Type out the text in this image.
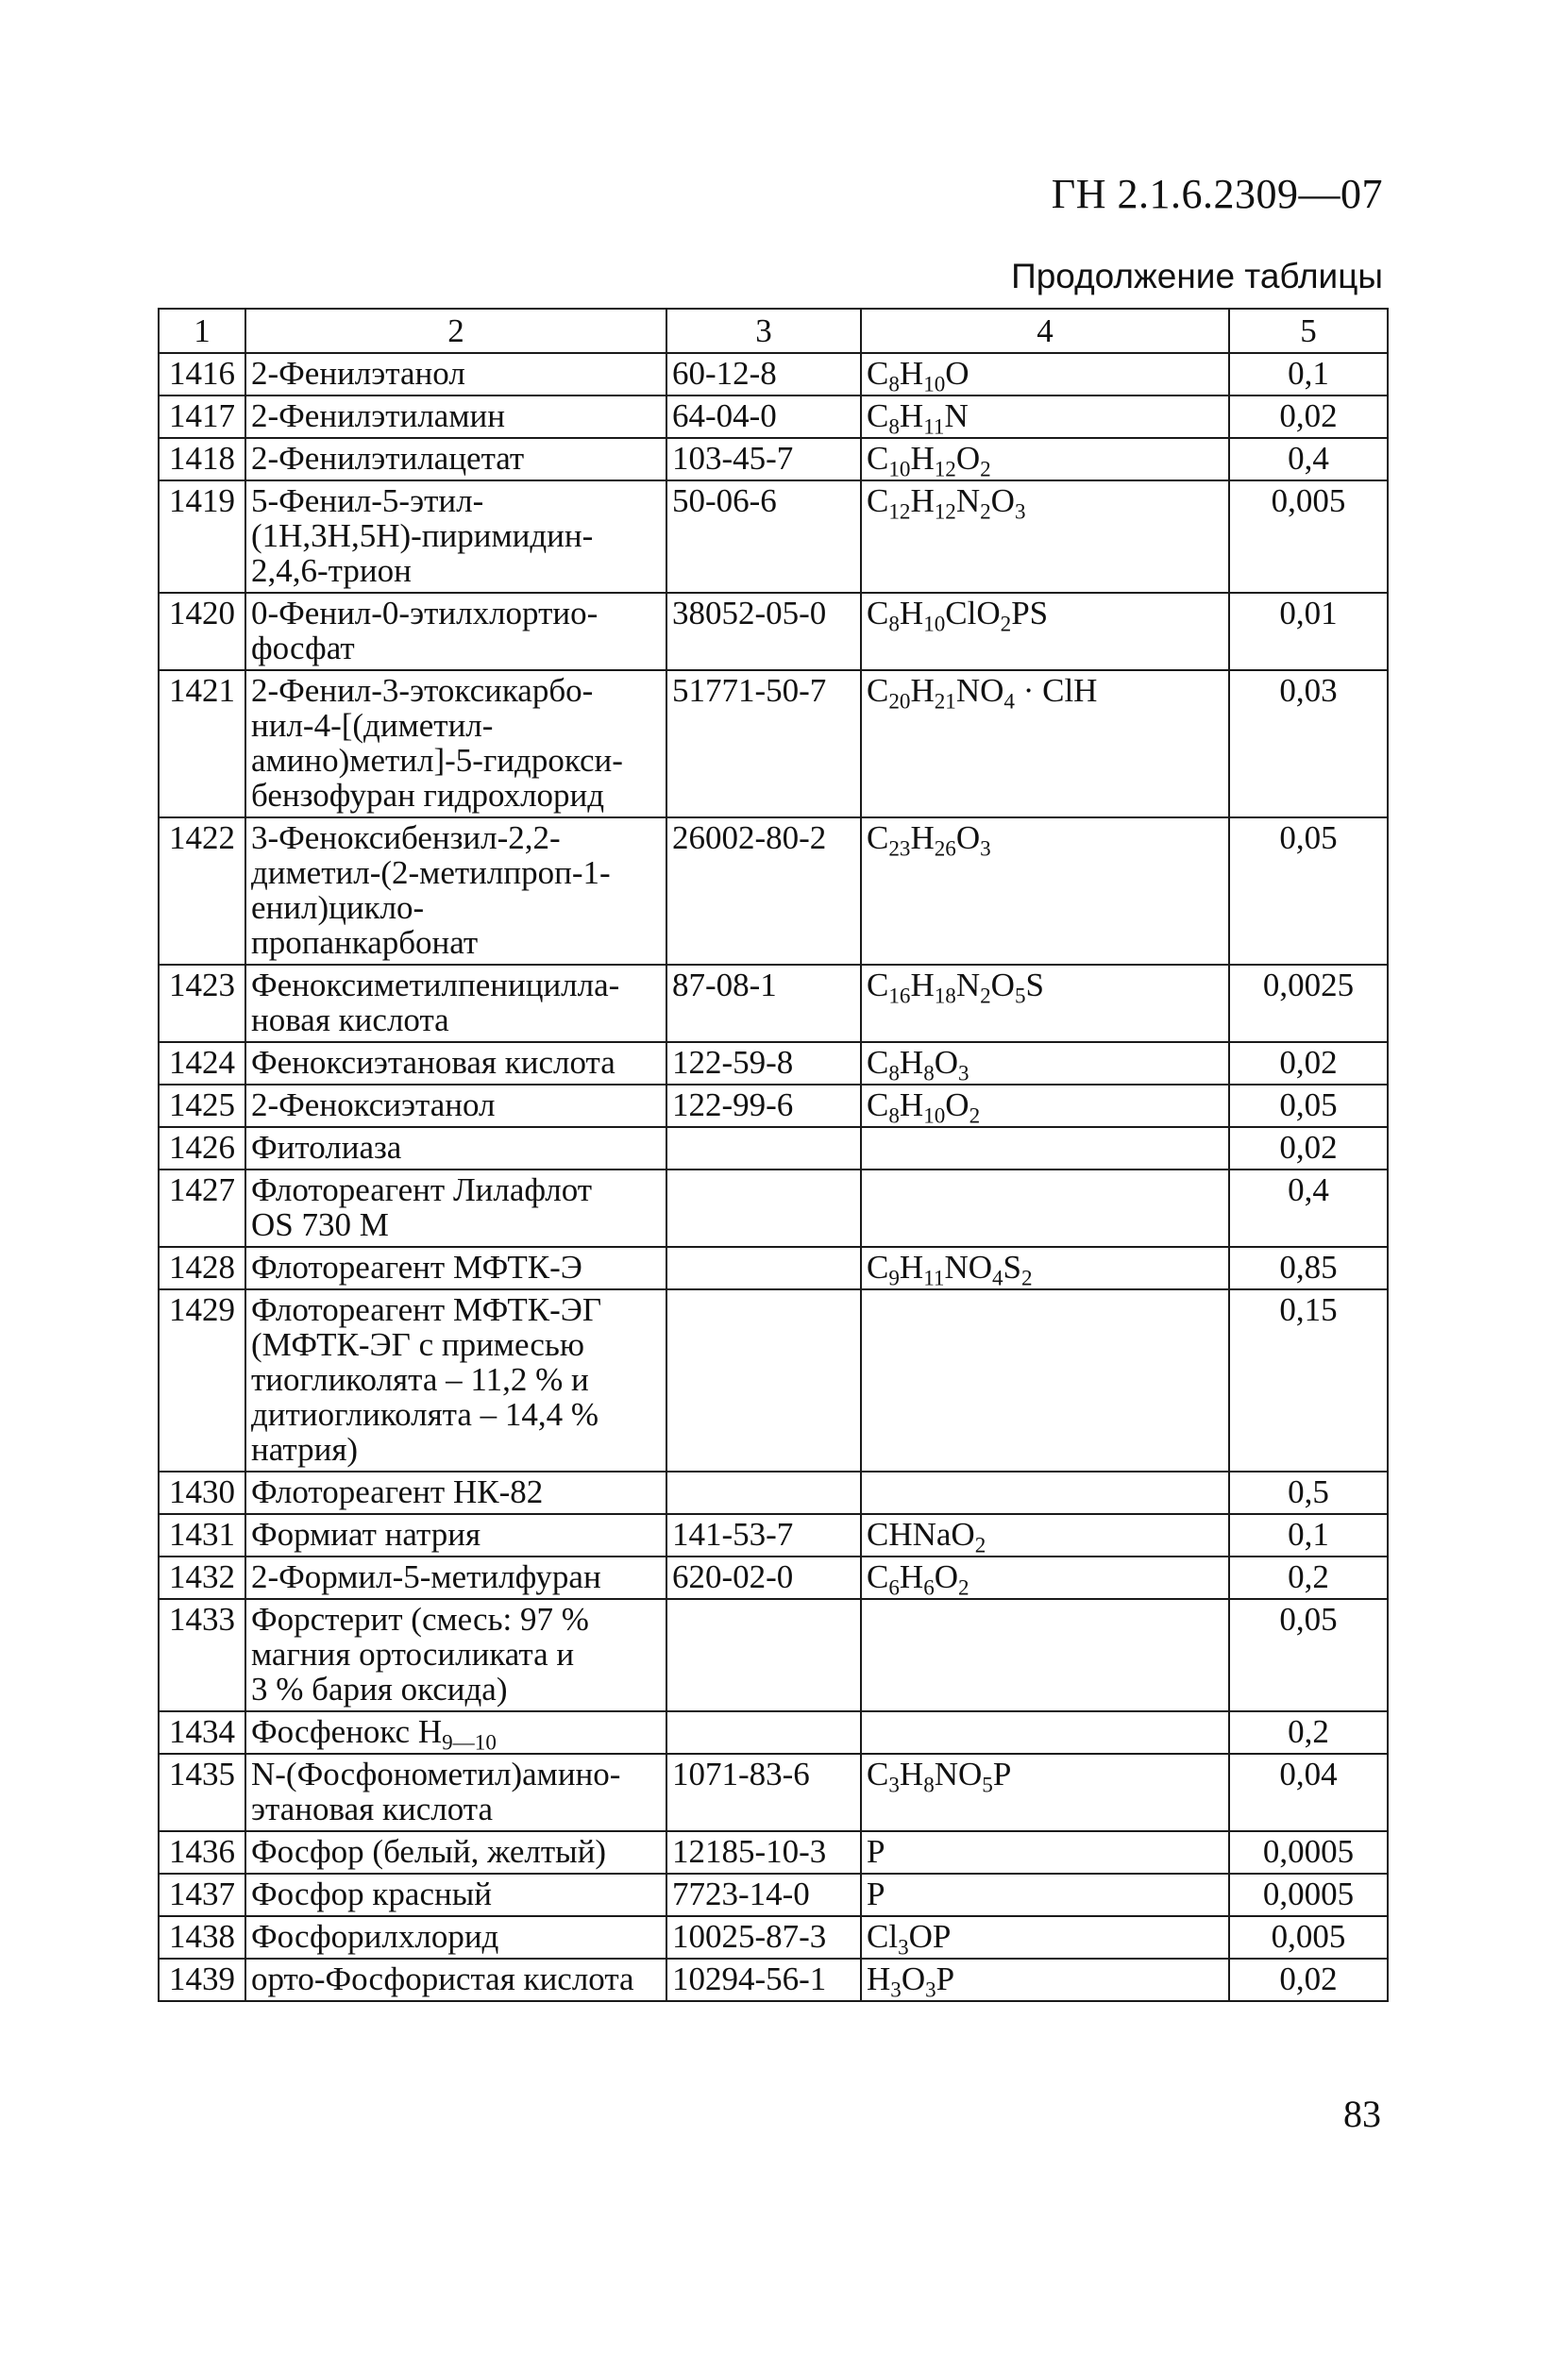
ГН 2.1.6.2309—07
Продолжение таблицы
1	2	3	4	5
1416	2-Фенилэтанол	60-12-8	$C_8H_{10}O$	0,1
1417	2-Фенилэтиламин	64-04-0	$C_8H_{11}N$	0,02
1418	2-Фенилэтилацетат	103-45-7	$C_{10}H_{12}O_2$	0,4
1419	5-Фенил-5-этил-
(1Н,3Н,5Н)-пиримидин-
2,4,6-трион	50-06-6	$C_{12}H_{12}N_2O_3$	0,005
1420	0-Фенил-0-этилхлортио-
фосфат	38052-05-0	$C_8H_{10}ClO_2PS$	0,01
1421	2-Фенил-3-этоксикарбо-
нил-4-[(диметил-
амино)метил]-5-гидрокси-
бензофуран гидрохлорид	51771-50-7	$C_{20}H_{21}NO_4$ · ClH	0,03
1422	3-Феноксибензил-2,2-
диметил-(2-метилпроп-1-
енил)цикло-
пропанкарбонат	26002-80-2	$C_{23}H_{26}O_3$	0,05
1423	Феноксиметилпеницилла-
новая кислота	87-08-1	$C_{16}H_{18}N_2O_5S$	0,0025
1424	Феноксиэтановая кислота	122-59-8	$C_8H_8O_3$	0,02
1425	2-Феноксиэтанол	122-99-6	$C_8H_{10}O_2$	0,05
1426	Фитолиаза			0,02
1427	Флотореагент Лилафлот
OS 730 М			0,4
1428	Флотореагент МФТК-Э		$C_9H_{11}NO_4S_2$	0,85
1429	Флотореагент МФТК-ЭГ
(МФТК-ЭГ с примесью
тиогликолята – 11,2 % и
дитиогликолята – 14,4 %
натрия)			0,15
1430	Флотореагент НК-82			0,5
1431	Формиат натрия	141-53-7	CHNaO$_2$	0,1
1432	2-Формил-5-метилфуран	620-02-0	$C_6H_6O_2$	0,2
1433	Форстерит (смесь: 97 %
магния ортосиликата и
3 % бария оксида)			0,05
1434	Фосфенокс $Н_{9—10}$			0,2
1435	N-(Фосфонометил)амино-
этановая кислота	1071-83-6	$C_3H_8NO_5P$	0,04
1436	Фосфор (белый, желтый)	12185-10-3	P	0,0005
1437	Фосфор красный	7723-14-0	P	0,0005
1438	Фосфорилхлорид	10025-87-3	$Cl_3OP$	0,005
1439	орто-Фосфористая кислота	10294-56-1	$H_3O_3P$	0,02
83
